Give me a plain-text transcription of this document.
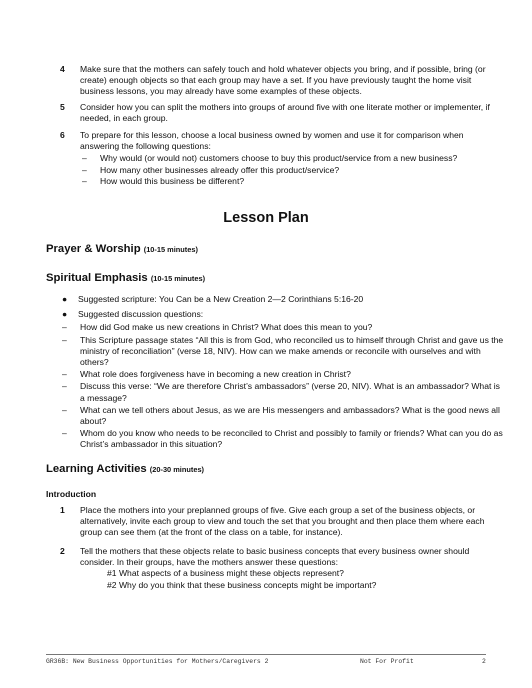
4	Make sure that the mothers can safely touch and hold whatever objects you bring, and if possible, bring (or create) enough objects so that each group may have a set. If you have previously taught the home visit business lessons, you may already have some examples of these objects.
5	Consider how you can split the mothers into groups of around five with one literate mother or implementer, if needed, in each group.
6	To prepare for this lesson, choose a local business owned by women and use it for comparison when answering the following questions:
– Why would (or would not) customers choose to buy this product/service from a new business?
– How many other businesses already offer this product/service?
– How would this business be different?
Lesson Plan
Prayer & Worship (10-15 minutes)
Spiritual Emphasis (10-15 minutes)
● Suggested scripture: You Can be a New Creation 2—2 Corinthians 5:16-20
● Suggested discussion questions:
– How did God make us new creations in Christ? What does this mean to you?
– This Scripture passage states “All this is from God, who reconciled us to himself through Christ and gave us the ministry of reconciliation” (verse 18, NIV). How can we make amends or reconcile with ourselves and with others?
– What role does forgiveness have in becoming a new creation in Christ?
– Discuss this verse: “We are therefore Christ’s ambassadors” (verse 20, NIV). What is an ambassador? What is a message?
– What can we tell others about Jesus, as we are His messengers and ambassadors? What is the good news all about?
– Whom do you know who needs to be reconciled to Christ and possibly to family or friends? What can you do as Christ’s ambassador in this situation?
Learning Activities (20-30 minutes)
Introduction
1	Place the mothers into your preplanned groups of five. Give each group a set of the business objects, or alternatively, invite each group to view and touch the set that you brought and then place them where each group can see them (at the front of the class on a table, for instance).
2	Tell the mothers that these objects relate to basic business concepts that every business owner should consider. In their groups, have the mothers answer these questions:
#1 What aspects of a business might these objects represent?
#2 Why do you think that these business concepts might be important?
GR36B: New Business Opportunities for Mothers/Caregivers 2	Not For Profit	2
